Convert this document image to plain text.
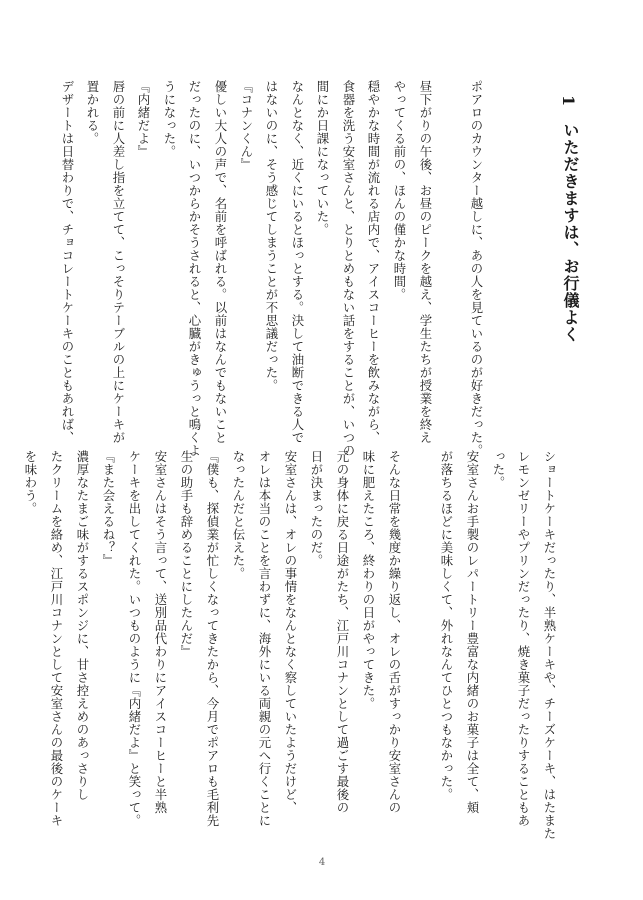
1
いただきますは、お行儀よく
ポアロのカウンター越しに、あの人を見ているのが好きだった。
昼下がりの午後、お昼のピークを越え、学生たちが授業を終え
やってくる前の、ほんの僅かな時間。
穏やかな時間が流れる店内で、アイスコーヒーを飲みながら、
食器を洗う安室さんと、とりとめもない話をすることが、いつの
間にか日課になっていた。
なんとなく、近くにいるとほっとする。決して油断できる人で
はないのに、そう感じてしまうことが不思議だった。
『コナンくん』
優しい大人の声で、名前を呼ばれる。以前はなんでもないこと
だったのに、いつからかそうされると、心臓がきゅうっと鳴くよ
うになった。
『内緒だよ』
唇の前に人差し指を立てて、こっそりテーブルの上にケーキが
置かれる。
デザートは日替わりで、チョコレートケーキのこともあれば、
ショートケーキだったり、半熟ケーキや、チーズケーキ、はたまた
レモンゼリーやプリンだったり、焼き菓子だったりすることもあ
った。
安室さんお手製のレパートリー豊富な内緒のお菓子は全て、頬
が落ちるほどに美味しくて、外れなんてひとつもなかった。
そんな日常を幾度か繰り返し、オレの舌がすっかり安室さんの
味に肥えたころ、終わりの日がやってきた。
元の身体に戻る日途がたち、江戸川コナンとして過ごす最後の
日が決まったのだ。
安室さんは、オレの事情をなんとなく察していたようだけど、
オレは本当のことを言わずに、海外にいる両親の元へ行くことに
なったんだと伝えた。
『僕も、探偵業が忙しくなってきたから、今月でポアロも毛利先
生の助手も辞めることにしたんだ』
安室さんはそう言って、送別品代わりにアイスコーヒーと半熟
ケーキを出してくれた。いつものように『内緒だよ』と笑って。
『また会えるね？』
濃厚なたまご味がするスポンジに、甘さ控えめのあっさりし
たクリームを絡め、江戸川コナンとして安室さんの最後のケーキ
を味わう。
4
